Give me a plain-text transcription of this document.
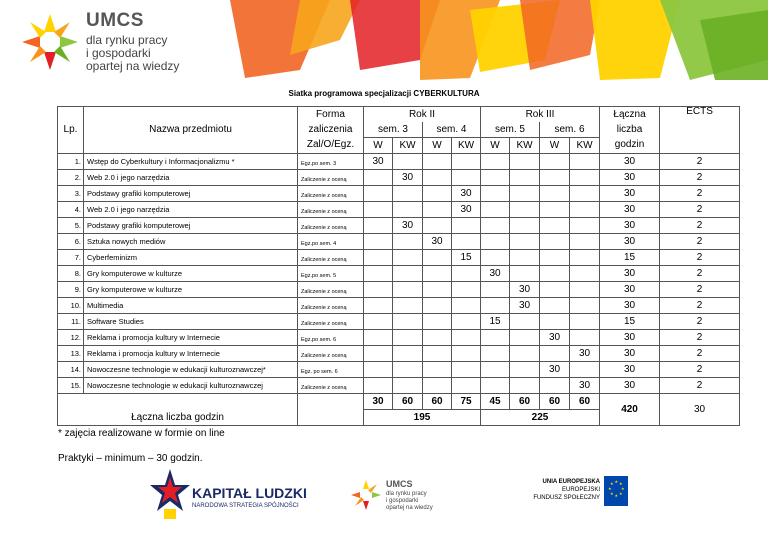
UMCS
dla rynku pracy
i gospodarki
opartej na wiedzy
Siatka programowa specjalizacji CYBERKULTURA
Lp.	Nazwa przedmiotu	Forma	Rok II				Rok III				Łączna	ECTS
		zaliczenia	sem. 3		sem. 4		sem. 5		sem. 6		liczba	
		Zal/O/Egz.	W	KW	W	KW	W	KW	W	KW	godzin	
1.	Wstęp do Cyberkultury i Informacjonalizmu *	Egz.po sem. 3	30								30	2
2.	Web 2.0 i jego narzędzia	Zaliczenie z oceną		30							30	2
3.	Podstawy grafiki komputerowej	Zaliczenie z oceną				30					30	2
4.	Web 2.0 i jego narzędzia	Zaliczenie z oceną				30					30	2
5.	Podstawy grafiki komputerowej	Zaliczenie z oceną		30							30	2
6.	Sztuka nowych mediów	Egz.po sem. 4			30						30	2
7.	Cyberfeminizm	Zaliczenie z oceną				15					15	2
8.	Gry komputerowe w kulturze	Egz.po sem. 5					30				30	2
9.	Gry komputerowe w kulturze	Zaliczenie z oceną						30			30	2
10.	Multimedia	Zaliczenie z oceną						30			30	2
11.	Software Studies	Zaliczenie z oceną					15				15	2
12.	Reklama i promocja kultury w Internecie	Egz.po sem. 6							30		30	2
13.	Reklama i promocja kultury w Internecie	Zaliczenie z oceną								30	30	2
14.	Nowoczesne technologie w edukacji kulturoznawczej*	Egz. po sem. 6							30		30	2
15.	Nowoczesne technologie w edukacji kulturoznawczej	Zaliczenie z oceną								30	30	2
Łączna liczba godzin			30	60	60	75	45	60	60	60	420	30
			195				225					
* zajęcia realizowane w formie on line
Praktyki – minimum – 30 godzin.
KAPITAŁ LUDZKI
NARODOWA STRATEGIA SPÓJNOŚCI
UMCS
dla rynku pracy
i gospodarki
opartej na wiedzy
UNIA EUROPEJSKA
EUROPEJSKI
FUNDUSZ SPOŁECZNY
★ ★
★
★
★
★
★
★
